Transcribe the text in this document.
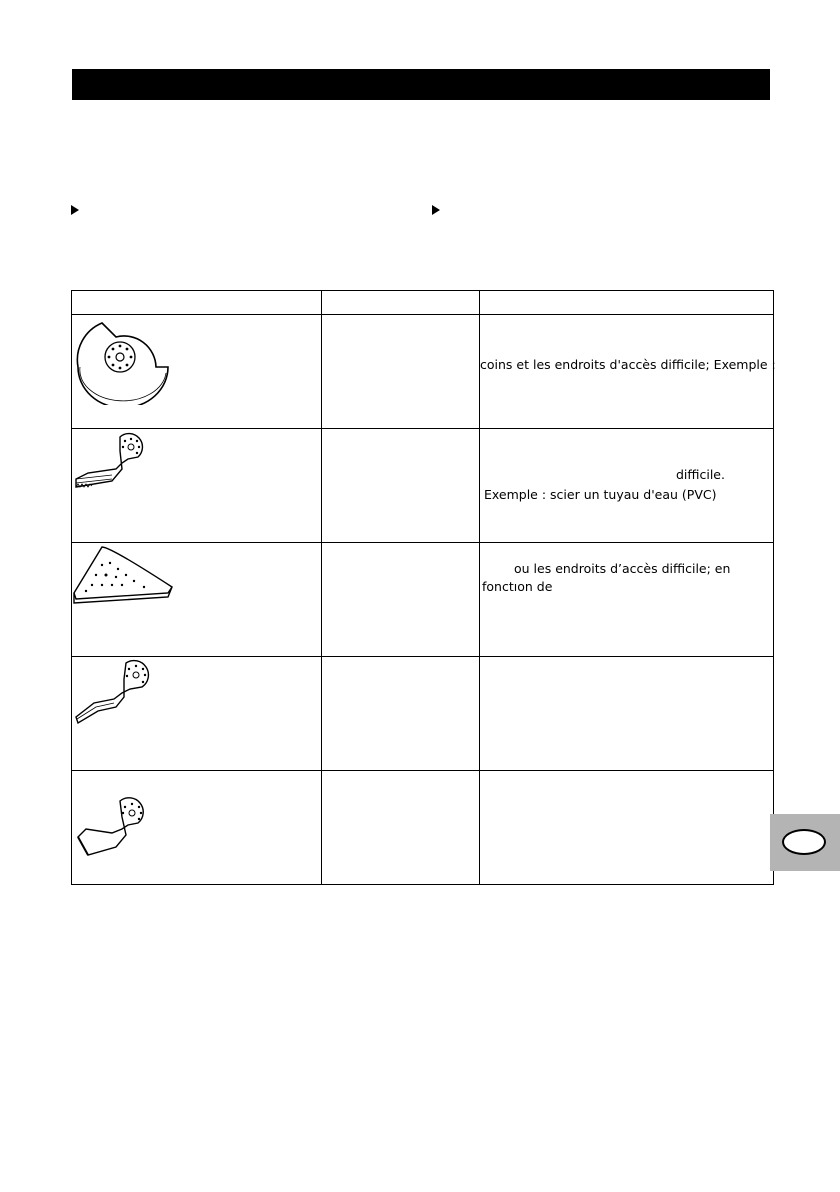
coins et les endroits d'accès difficile; Exemple :

difficile.
Exemple : scier un tuyau d'eau (PVC)

ou les endroits d’accès difficile; en
fonctıon de
